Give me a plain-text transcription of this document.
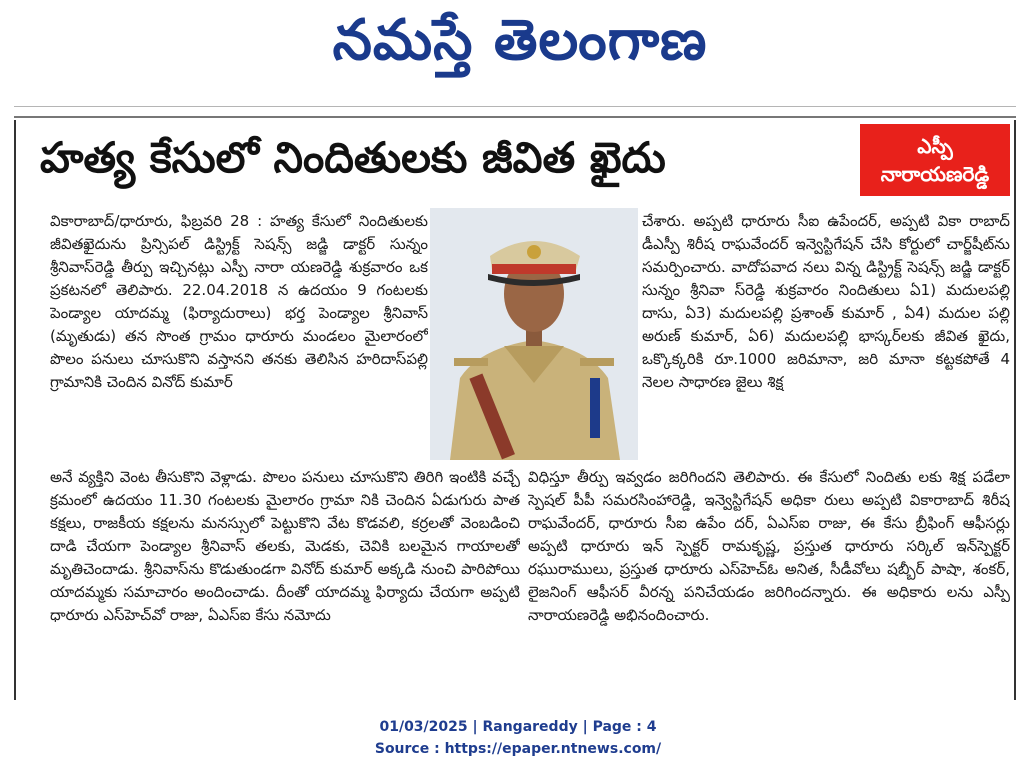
నమస్తే తెలంగాణ
హత్య కేసులో నిందితులకు జీవిత ఖైదు	ఎస్పీ
నారాయణరెడ్డి

వికారాబాద్/ధారూరు, ఫిబ్రవరి 28 : హత్య కేసులో నిందితులకు జీవితఖైదును ప్రిన్సిపల్ డిస్ట్రిక్ట్ సెషన్స్ జడ్జి డాక్టర్ సున్నం శ్రీనివాస్‌రెడ్డి తీర్పు ఇచ్చినట్లు ఎస్పీ నారా యణరెడ్డి శుక్రవారం ఒక ప్రకటనలో తెలిపారు. 22.04.2018 న ఉదయం 9 గంటలకు పెండ్యాల యాదమ్మ (ఫిర్యాదురాలు) భర్త పెండ్యాల శ్రీనివాస్ (మృతుడు) తన సొంత గ్రామం ధారూరు మండలం మైలారంలో పొలం పనులు చూసుకొని వస్తానని తనకు తెలిసిన హరిదాస్‌పల్లి గ్రామానికి చెందిన వినోద్ కుమార్

చేశారు. అప్పటి ధారూరు సీఐ ఉపేందర్, అప్పటి వికా రాబాద్ డీఎస్పీ శిరీష రాఘవేందర్ ఇన్వెస్టిగేషన్ చేసి కోర్టులో చార్జ్‌షీట్‌ను సమర్పించారు. వాదోపవాద నలు విన్న డిస్ట్రిక్ట్ సెషన్స్ జడ్జి డాక్టర్ సున్నం శ్రీనివా స్‌రెడ్డి శుక్రవారం నిందితులు ఏ1) మదులపల్లి దాసు, ఏ3) మదులపల్లి ప్రశాంత్ కుమార్ , ఏ4) మదుల పల్లి అరుణ్ కుమార్, ఏ6) మదులపల్లి భాస్కర్‌లకు జీవిత ఖైదు, ఒక్కొక్కరికి రూ.1000 జరిమానా, జరి మానా కట్టకపోతే 4 నెలల సాధారణ జైలు శిక్ష

అనే వ్యక్తిని వెంట తీసుకొని వెళ్లాడు. పొలం పనులు చూసుకొని తిరిగి ఇంటికి వచ్చే క్రమంలో ఉదయం 11.30 గంటలకు మైలారం గ్రామా నికి చెందిన ఏడుగురు పాత కక్షలు, రాజకీయ కక్షలను మనస్సులో పెట్టుకొని వేట కొడవలి, కర్రలతో వెంబడించి దాడి చేయగా పెండ్యాల శ్రీనివాస్ తలకు, మెడకు, చెవికి బలమైన గాయాలతో మృతిచెందాడు. శ్రీనివాస్‌ను కొడుతుండగా వినోద్ కుమార్ అక్కడి నుంచి పారిపోయి యాదమ్మకు సమాచారం అందించాడు. దీంతో యాదమ్మ ఫిర్యాదు చేయగా అప్పటి ధారూరు ఎస్‌హెచ్‌వో రాజు, ఏఎస్‌ఐ కేసు నమోదు

విధిస్తూ తీర్పు ఇవ్వడం జరిగిందని తెలిపారు. ఈ కేసులో నిందితు లకు శిక్ష పడేలా స్పెషల్ పీపీ సమరసింహారెడ్డి, ఇన్వెస్టిగేషన్ అధికా రులు అప్పటి వికారాబాద్ శిరీష రాఘవేందర్, ధారూరు సీఐ ఉపేం దర్, ఏఎస్‌ఐ రాజు, ఈ కేసు బ్రీఫింగ్ ఆఫీసర్లు అప్పటి ధారూరు ఇన్ స్పెక్టర్ రామకృష్ణ, ప్రస్తుత ధారూరు సర్కిల్ ఇన్‌స్పెక్టర్ రఘురాములు, ప్రస్తుత ధారూరు ఎస్‌హెచ్‌ఓ అనిత, సీడీవోలు షబ్బీర్ పాషా, శంకర్, లైజనింగ్ ఆఫీసర్ వీరన్న పనిచేయడం జరిగిందన్నారు. ఈ అధికారు లను ఎస్పీ నారాయణరెడ్డి అభినందించారు.

01/03/2025 | Rangareddy | Page : 4
Source : https://epaper.ntnews.com/
